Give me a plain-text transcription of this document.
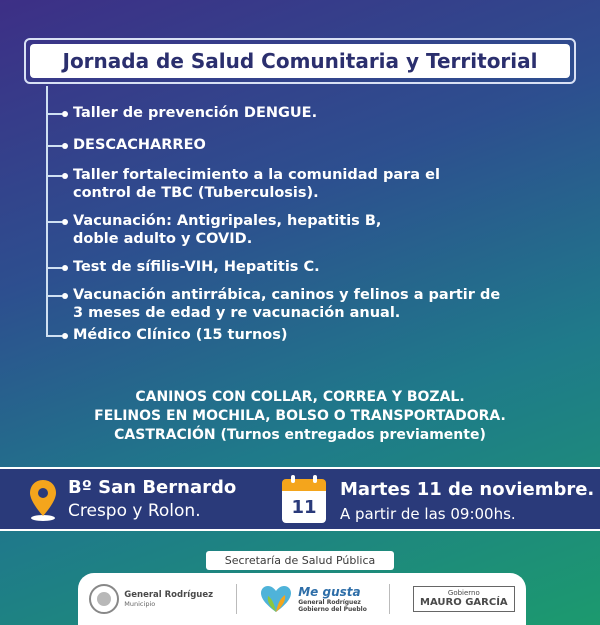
Jornada de Salud Comunitaria y Territorial
Taller de prevención DENGUE.
DESCACHARREO
Taller fortalecimiento a la comunidad para el
control de TBC (Tuberculosis).
Vacunación: Antigripales, hepatitis B,
doble adulto y COVID.
Test de sífilis-VIH, Hepatitis C.
Vacunación antirrábica, caninos y felinos a partir de
3 meses de edad y re vacunación anual.
Médico Clínico (15 turnos)
CANINOS CON COLLAR, CORREA Y BOZAL.
FELINOS EN MOCHILA, BOLSO O TRANSPORTADORA.
CASTRACIÓN (Turnos entregados previamente)
Bº San Bernardo
Crespo y Rolon.	11
Martes 11 de noviembre.
A partir de las 09:00hs.
Secretaría de Salud Pública
General Rodríguez
Municipio
Me gusta
General Rodríguez
Gobierno del Pueblo
Gobierno
MAURO GARCÍA
